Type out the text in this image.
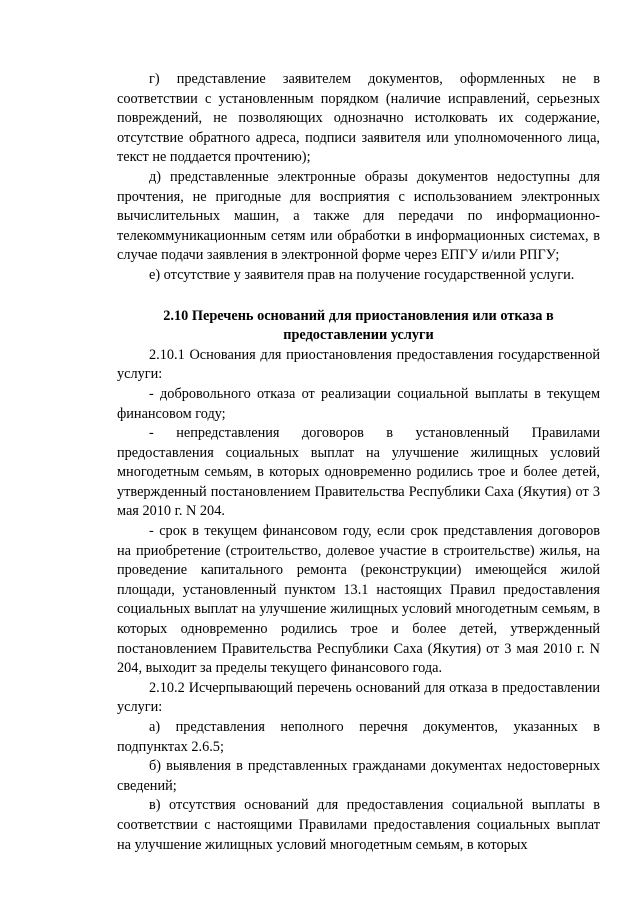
г) представление заявителем документов, оформленных не в соответствии с установленным порядком (наличие исправлений, серьезных повреждений, не позволяющих однозначно истолковать их содержание, отсутствие обратного адреса, подписи заявителя или уполномоченного лица, текст не поддается прочтению);

д) представленные электронные образы документов недоступны для прочтения, не пригодные для восприятия с использованием электронных вычислительных машин, а также для передачи по информационно-телекоммуникационным сетям или обработки в информационных системах, в случае подачи заявления в электронной форме через ЕПГУ и/или РПГУ;

е) отсутствие у заявителя прав на получение государственной услуги.

2.10 Перечень оснований для приостановления или отказа в предоставлении услуги

2.10.1 Основания для приостановления предоставления государственной услуги:

- добровольного отказа от реализации социальной выплаты в текущем финансовом году;

- непредставления договоров в установленный Правилами предоставления социальных выплат на улучшение жилищных условий многодетным семьям, в которых одновременно родились трое и более детей, утвержденный постановлением Правительства Республики Саха (Якутия) от 3 мая 2010 г. N 204.

- срок в текущем финансовом году, если срок представления договоров на приобретение (строительство, долевое участие в строительстве) жилья, на проведение капитального ремонта (реконструкции) имеющейся жилой площади, установленный пунктом 13.1 настоящих Правил предоставления социальных выплат на улучшение жилищных условий многодетным семьям, в которых одновременно родились трое и более детей, утвержденный постановлением Правительства Республики Саха (Якутия) от 3 мая 2010 г. N 204, выходит за пределы текущего финансового года.

2.10.2 Исчерпывающий перечень оснований для отказа в предоставлении услуги:

а) представления неполного перечня документов, указанных в подпунктах 2.6.5;

б) выявления в представленных гражданами документах недостоверных сведений;

в) отсутствия оснований для предоставления социальной выплаты в соответствии с настоящими Правилами предоставления социальных выплат на улучшение жилищных условий многодетным семьям, в которых
